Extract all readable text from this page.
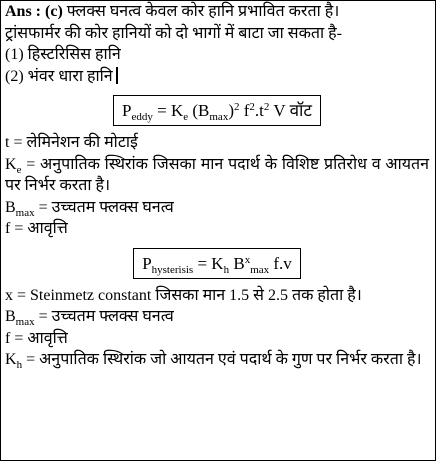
Ans : (c) फ्लक्स घनत्व केवल कोर हानि प्रभावित करता है।
ट्रांसफार्मर की कोर हानियों को दो भागों में बाटा जा सकता है-
(1) हिस्टरिसिस हानि
(2) भंवर धारा हानि
$P_{eddy} = K_e$ $(B_{max})^2$ $f^2.t^2$ V वॉट
t = लेमिनेशन की मोटाई
$K_e$ = अनुपातिक स्थिरांक जिसका मान पदार्थ के विशिष्ट प्रतिरोध व आयतन पर निर्भर करता है।
$B_{max}$ = उच्चतम फ्लक्स घनत्व
f = आवृत्ति
$P_{hysterisis} = K_h$ $B^x_{max}$ f.v
x = Steinmetz constant जिसका मान 1.5 से 2.5 तक होता है।
$B_{max}$ = उच्चतम फ्लक्स घनत्व
f = आवृत्ति
$K_h$ = अनुपातिक स्थिरांक जो आयतन एवं पदार्थ के गुण पर निर्भर करता है।
